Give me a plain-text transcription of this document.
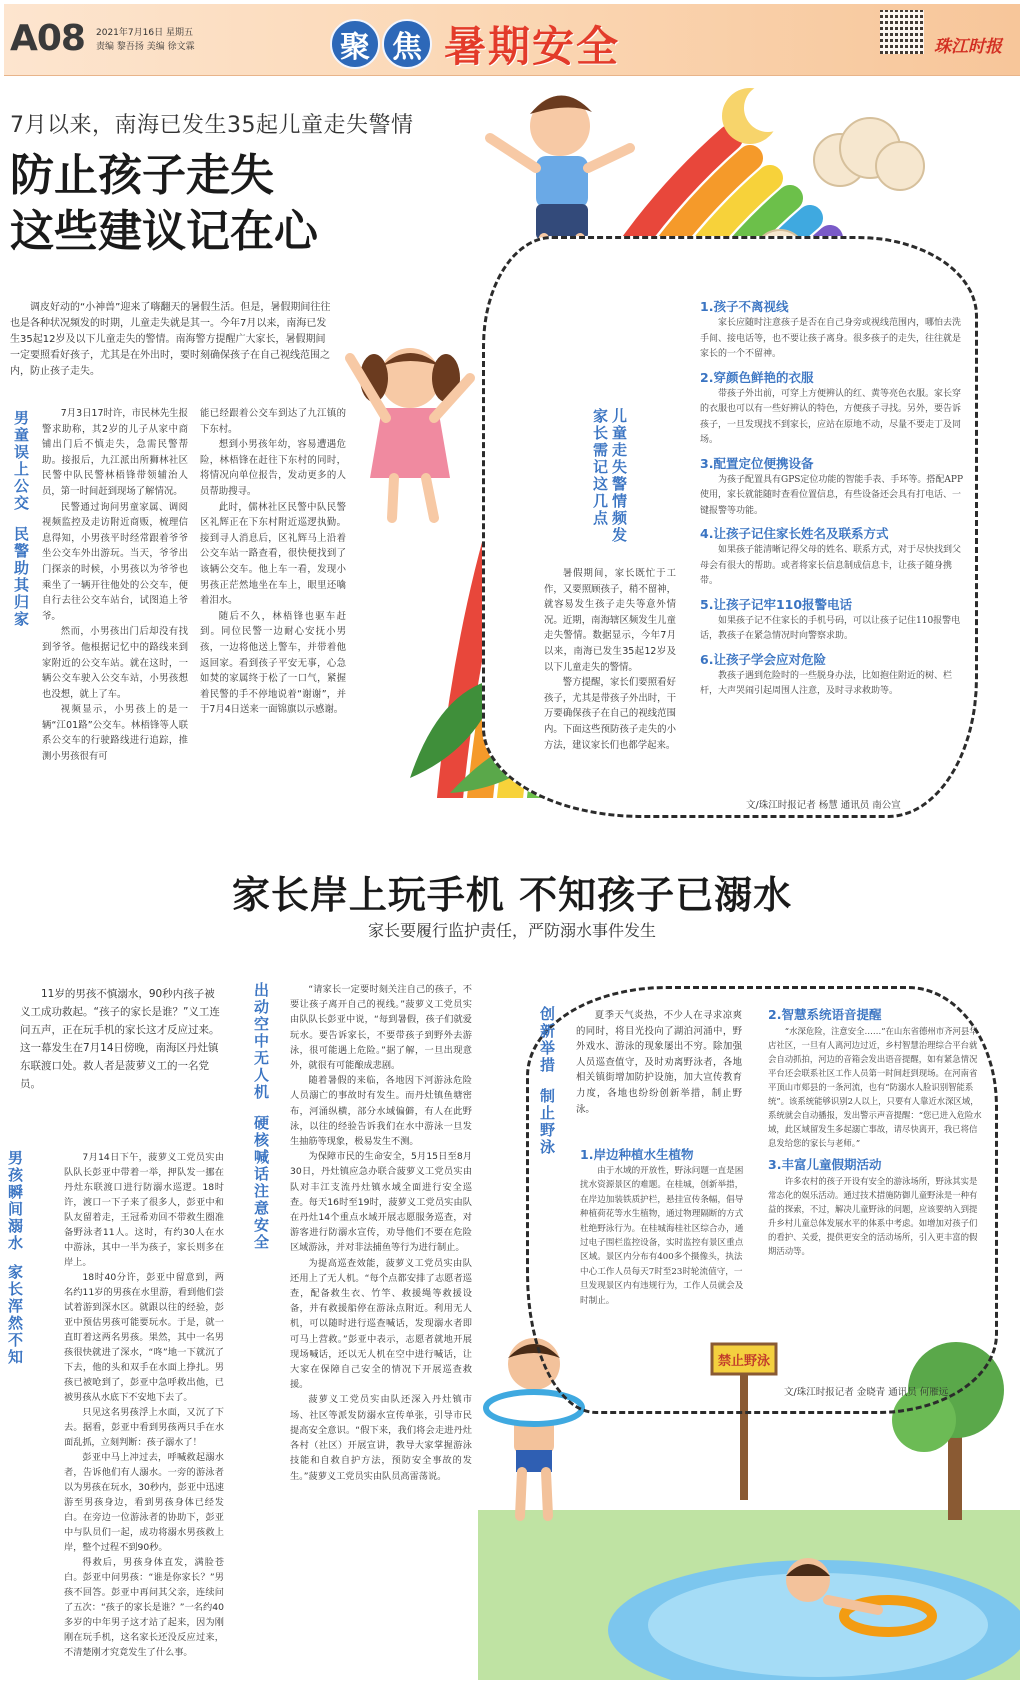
A08 2021年7月16日 星期五
责编 黎吾扬 美编 徐文霖	聚 焦 暑期安全	珠江时报
7月以来，南海已发生35起儿童走失警情
防止孩子走失
这些建议记在心
调皮好动的“小神兽”迎来了嗨翻天的暑假生活。但是，暑假期间往往也是各种状况频发的时期，儿童走失就是其一。今年7月以来，南海已发生35起12岁及以下儿童走失的警情。南海警方提醒广大家长，暑假期间一定要照看好孩子，尤其是在外出时，要时刻确保孩子在自己视线范围之内，防止孩子走失。
男童误上公交
民警助其归家

7月3日17时许，市民林先生报警求助称，其2岁的儿子从家中商铺出门后不慎走失，急需民警帮助。接报后，九江派出所狮林社区民警中队民警林梧锋带领辅治人员，第一时间赶到现场了解情况。

民警通过询问男童家属、调阅视频监控及走访附近商贩，梳理信息得知，小男孩平时经常跟着爷爷坐公交车外出游玩。当天，爷爷出门探亲的时候，小男孩以为爷爷也乘坐了一辆开往他处的公交车，便自行去往公交车站台，试图追上爷爷。

然而，小男孩出门后却没有找到爷爷。他根据记忆中的路线来到家附近的公交车站。就在这时，一辆公交车驶入公交车站，小男孩想也没想，就上了车。

视频显示，小男孩上的是一辆“江01路”公交车。林梧锋等人联系公交车的行驶路线进行追踪，推测小男孩很有可

能已经跟着公交车到达了九江镇的下东村。

想到小男孩年幼，容易遭遇危险，林梧锋在赶往下东村的同时，将情况向单位报告，发动更多的人员帮助搜寻。

此时，儒林社区民警中队民警区礼辉正在下东村附近巡逻执勤。接到寻人消息后，区礼辉马上沿着公交车站一路查看，很快便找到了该辆公交车。他上车一看，发现小男孩正茫然地坐在车上，眼里还噙着泪水。

随后不久，林梧锋也驱车赶到。同位民警一边耐心安抚小男孩，一边将他送上警车，并带着他返回家。看到孩子平安无事，心急如焚的家属终于松了一口气，紧握着民警的手不停地说着“谢谢”，并于7月4日送来一面锦旗以示感谢。

儿童走失警情频发 家长需记这几点

暑假期间，家长既忙于工作，又要照顾孩子，稍不留神，就容易发生孩子走失等意外情况。近期，南海辖区频发生儿童走失警情。数据显示，今年7月以来，南海已发生35起12岁及以下儿童走失的警情。

警方提醒，家长们要照看好孩子，尤其是带孩子外出时，干万要确保孩子在自己的视线范围内。下面这些预防孩子走失的小方法，建议家长们也都学起来。

1.孩子不离视线
家长应随时注意孩子是否在自己身旁或视线范围内，哪怕去洗手间、接电话等，也不要让孩子离身。很多孩子的走失，往往就是家长的一个不留神。
2.穿颜色鲜艳的衣服
带孩子外出前，可穿上方便辨认的红、黄等亮色衣服。家长穿的衣服也可以有一些好辨认的特色，方便孩子寻找。另外，要告诉孩子，一旦发现找不到家长，应站在原地不动，尽量不要走丁及同场。
3.配置定位便携设备
为孩子配置具有GPS定位功能的智能手表、手环等。搭配APP使用，家长就能随时查看位置信息，有些设备还会具有打电话、一键报警等功能。
4.让孩子记住家长姓名及联系方式
如果孩子能清晰记得父母的姓名、联系方式，对于尽快找到父母会有很大的帮助。或者将家长信息制成信息卡，让孩子随身携带。
5.让孩子记牢110报警电话
如果孩子记不住家长的手机号码，可以让孩子记住110报警电话，教孩子在紧急情况时向警察求助。
6.让孩子学会应对危险
教孩子遇到危险时的一些脱身办法，比如抱住附近的树、栏杆，大声哭闹引起周围人注意，及时寻求救助等。
文/珠江时报记者 杨慧 通讯员 南公宣
家长岸上玩手机 不知孩子已溺水
家长要履行监护责任，严防溺水事件发生
11岁的男孩不慎溺水，90秒内孩子被义工成功救起。“孩子的家长是谁？”义工连问五声，正在玩手机的家长这才反应过来。这一幕发生在7月14日傍晚，南海区丹灶镇东联渡口处。救人者是菠萝义工的一名党员。
男孩瞬间溺水
家长浑然不知

7月14日下午，菠萝义工党员实由队队长彭亚中带着一举，押队发一挪在丹灶东联渡口进行防溺水巡逻。18时许，渡口一下子来了很多人，彭亚中和队友留着走，王冠希劝回不带救生圈准备野泳者11人。这时，有约30人在水中游泳，其中一半为孩子，家长则多在岸上。

18时40分许，彭亚中留意到，两名约11岁的男孩在水里游，看到他们尝试着游到深水区。就跟以往的经验，彭亚中预估男孩可能要玩水。于是，就一直盯着这两名男孩。果然，其中一名男孩很快就进了深水，“咚”地一下就沉了下去，他的头和双手在水面上挣扎。男孩已被呛到了，彭亚中急呼救出他，已被男孩从水底下不安地下去了。

只见这名男孩浮上水面，又沉了下去。据看，彭亚中看到男孩两只手在水面乱抓，立刻判断：孩子溺水了！

彭亚中马上冲过去，呼喊救起溺水者，告诉他们有人溺水。一旁的游泳者以为男孩在玩水，30秒内，彭亚中迅速游至男孩身边，看到男孩身体已经发白。在旁边一位游泳者的协助下，彭亚中与队员们一起，成功将溺水男孩救上岸，整个过程不到90秒。

得救后，男孩身体直发，满脸苍白。彭亚中问男孩：“谁是你家长？”男孩不回答。彭亚中再问其父亲，连续问了五次：“孩子的家长是谁？”一名约40多岁的中年男子这才站了起来，因为刚刚在玩手机，这名家长还没反应过来，不清楚刚才究竟发生了什么事。

出动空中无人机
硬核喊话注意安全

“请家长一定要时刻关注自己的孩子，不要让孩子离开自己的视线。”菠萝义工党员实由队队长彭亚中说，“每到暑假，孩子们就爱玩水。要告诉家长，不要带孩子到野外去游泳，很可能遇上危险。”据了解，一旦出现意外，就很有可能酿成悲剧。

随着暑假的来临，各地因下河游泳危险人员溺亡的事故时有发生。而丹灶镇鱼塘密布，河涌纵横，部分水域偏僻，有人在此野泳，以往的经验告诉我们在水中游泳一旦发生抽筋等现象，极易发生不测。

为保障市民的生命安全，5月15日至8月30日，丹灶镇应急办联合菠萝义工党员实由队对丰江支流丹灶镇水域全面进行安全巡查。每天16时至19时，菠萝义工党员实由队在丹灶14个重点水域开展志愿服务巡查，对游客进行防溺水宣传，劝导他们不要在危险区域游泳，并对非法捕鱼等行为进行制止。

为提高巡查效能，菠萝义工党员实由队还用上了无人机。“每个点都安排了志愿者巡查，配备救生衣、竹竿、救援绳等救援设备，并有救援船停在游泳点附近。利用无人机，可以随时进行巡查喊话，发现溺水者即可马上营救。”彭亚中表示，志愿者就地开展现场喊话，还以无人机在空中进行喊话，让大家在保障自己安全的情况下开展巡查救援。

菠萝义工党员实由队还深入丹灶镇市场、社区等派发防溺水宣传单张，引导市民提高安全意识。“假下来，我们将会走进丹灶各村（社区）开展宣讲，教导大家掌握游泳技能和自救自护方法，预防安全事故的发生。”菠萝义工党员实由队员高雷荡说。

禁止野泳
创新举措
制止野泳

夏季天气炎热，不少人在寻求凉爽的同时，将目光投向了湖泊河涌中，野外戏水、游泳的现象屡出不穷。除加强人员巡查值守，及时劝离野泳者，各地相关镇街增加防护设施，加大宣传教育力度，各地也纷纷创新举措，制止野泳。

1.岸边种植水生植物
由于水域的开放性，野泳问题一直是困扰水资源景区的难题。在桂城，创新举措，在岸边加装铁质护栏，悬挂宣传条幅，倡导种植荷花等水生植物，通过物理隔断的方式杜绝野泳行为。在桂城海桂社区综合办，通过电子围栏监控设备，实时监控有景区重点区域。景区内分布有400多个摄像头，执法中心工作人员每天7时至23时轮流值守，一旦发现景区内有违规行为，工作人员就会及时制止。
2.智慧系统语音提醒
“水深危险，注意安全……”在山东省德州市齐河县华店社区，一旦有人离河边过近，乡村智慧治理综合平台就会自动抓拍，河边的音箱会发出语音提醒，如有紧急情况平台还会联系社区工作人员第一时间赶到现场。在河南省平顶山市郏县的一条河流，也有“防溺水人脸识别智能系统”。该系统能够识别2人以上，只要有人靠近水深区域，系统就会自动播报，发出警示声音提醒：“您已进入危险水域，此区域留发生多起溺亡事故，请尽快离开，我已将信息发给您的家长与老师。”
3.丰富儿童假期活动
许多农村的孩子开设有安全的游泳场所，野泳其实是常态化的娱乐活动。通过技术措施防御儿童野泳是一种有益的探索，不过，解决儿童野泳的问题，应该要纳入到提升乡村儿童总体发展水平的体系中考虑。如增加对孩子们的看护、关爱，提供更安全的活动场所，引入更丰富的假期活动等。
文/珠江时报记者 金晓青 通讯员 何雁远
